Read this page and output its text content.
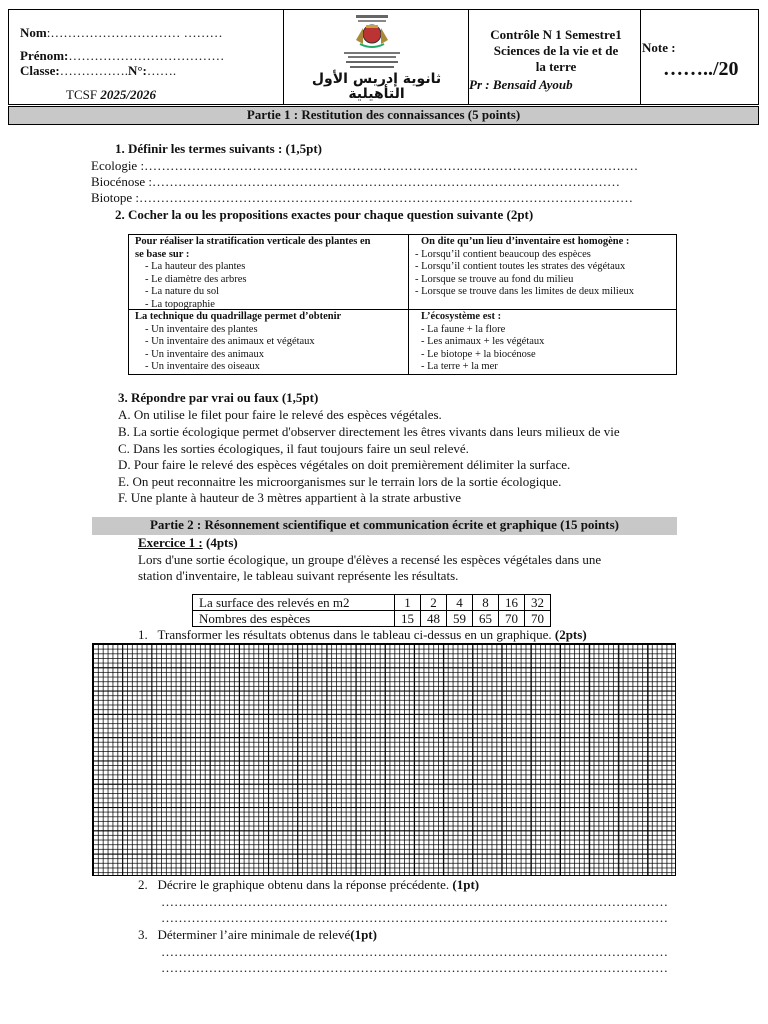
Nom:………………………… ………
Prénom:………………………………
Classe:…………….N°:…….
TCSF 2025/2026
ثانوية إدريس الأول التأهيلية
Contrôle N 1 Semestre1
Sciences de la vie et de
la terre
Pr : Bensaid Ayoub
Note :
……../20
Partie 1 : Restitution des connaissances (5 points)
1. Définir les termes suivants : (1,5pt)
Ecologie :……………………………………………………………………………………………………
Biocénose :………………………………………………………………………………………………
Biotope :……………………………………………………………………………………………………
2. Cocher la ou les propositions exactes pour chaque question suivante (2pt)
Pour réaliser la stratification verticale des plantes en
se base sur :
- La hauteur des plantes
- Le diamètre des arbres
- La nature du sol
- La topographie
On dite qu’un lieu d’inventaire est homogène :
- Lorsqu’il contient beaucoup des espèces
- Lorsqu’il contient toutes les strates des végétaux
- Lorsque se trouve au fond du milieu
- Lorsque se trouve dans les limites de deux milieux
La technique du quadrillage permet d’obtenir
- Un inventaire des plantes
- Un inventaire des animaux et végétaux
- Un inventaire des animaux
- Un inventaire des oiseaux
L’écosystème est :
- La faune + la flore
- Les animaux + les végétaux
- Le biotope + la biocénose
- La terre + la mer
3. Répondre par vrai ou faux (1,5pt)
A. On utilise le filet pour faire le relevé des espèces végétales.
B. La sortie écologique permet d'observer directement les êtres vivants dans leurs milieux de vie
C. Dans les sorties écologiques, il faut toujours faire un seul relevé.
D. Pour faire le relevé des espèces végétales on doit premièrement délimiter la surface.
E. On peut reconnaitre les microorganismes sur le terrain lors de la sortie écologique.
F. Une plante à hauteur de 3 mètres appartient à la strate arbustive
Partie 2 : Résonnement scientifique et communication écrite et graphique (15 points)
Exercice 1 : (4pts)
Lors d'une sortie écologique, un groupe d'élèves a recensé les espèces végétales dans une
station d'inventaire, le tableau suivant représente les résultats.
La surface des relevés en m2	1	2	4	8	16	32
Nombres des espèces	15	48	59	65	70	70
1. Transformer les résultats obtenus dans le tableau ci-dessus en un graphique. (2pts)
2. Décrire le graphique obtenu dans la réponse précédente. (1pt)
………………………………………………………………………………………………………
………………………………………………………………………………………………………
3. Déterminer l’aire minimale de relevé(1pt)
………………………………………………………………………………………………………
………………………………………………………………………………………………………
